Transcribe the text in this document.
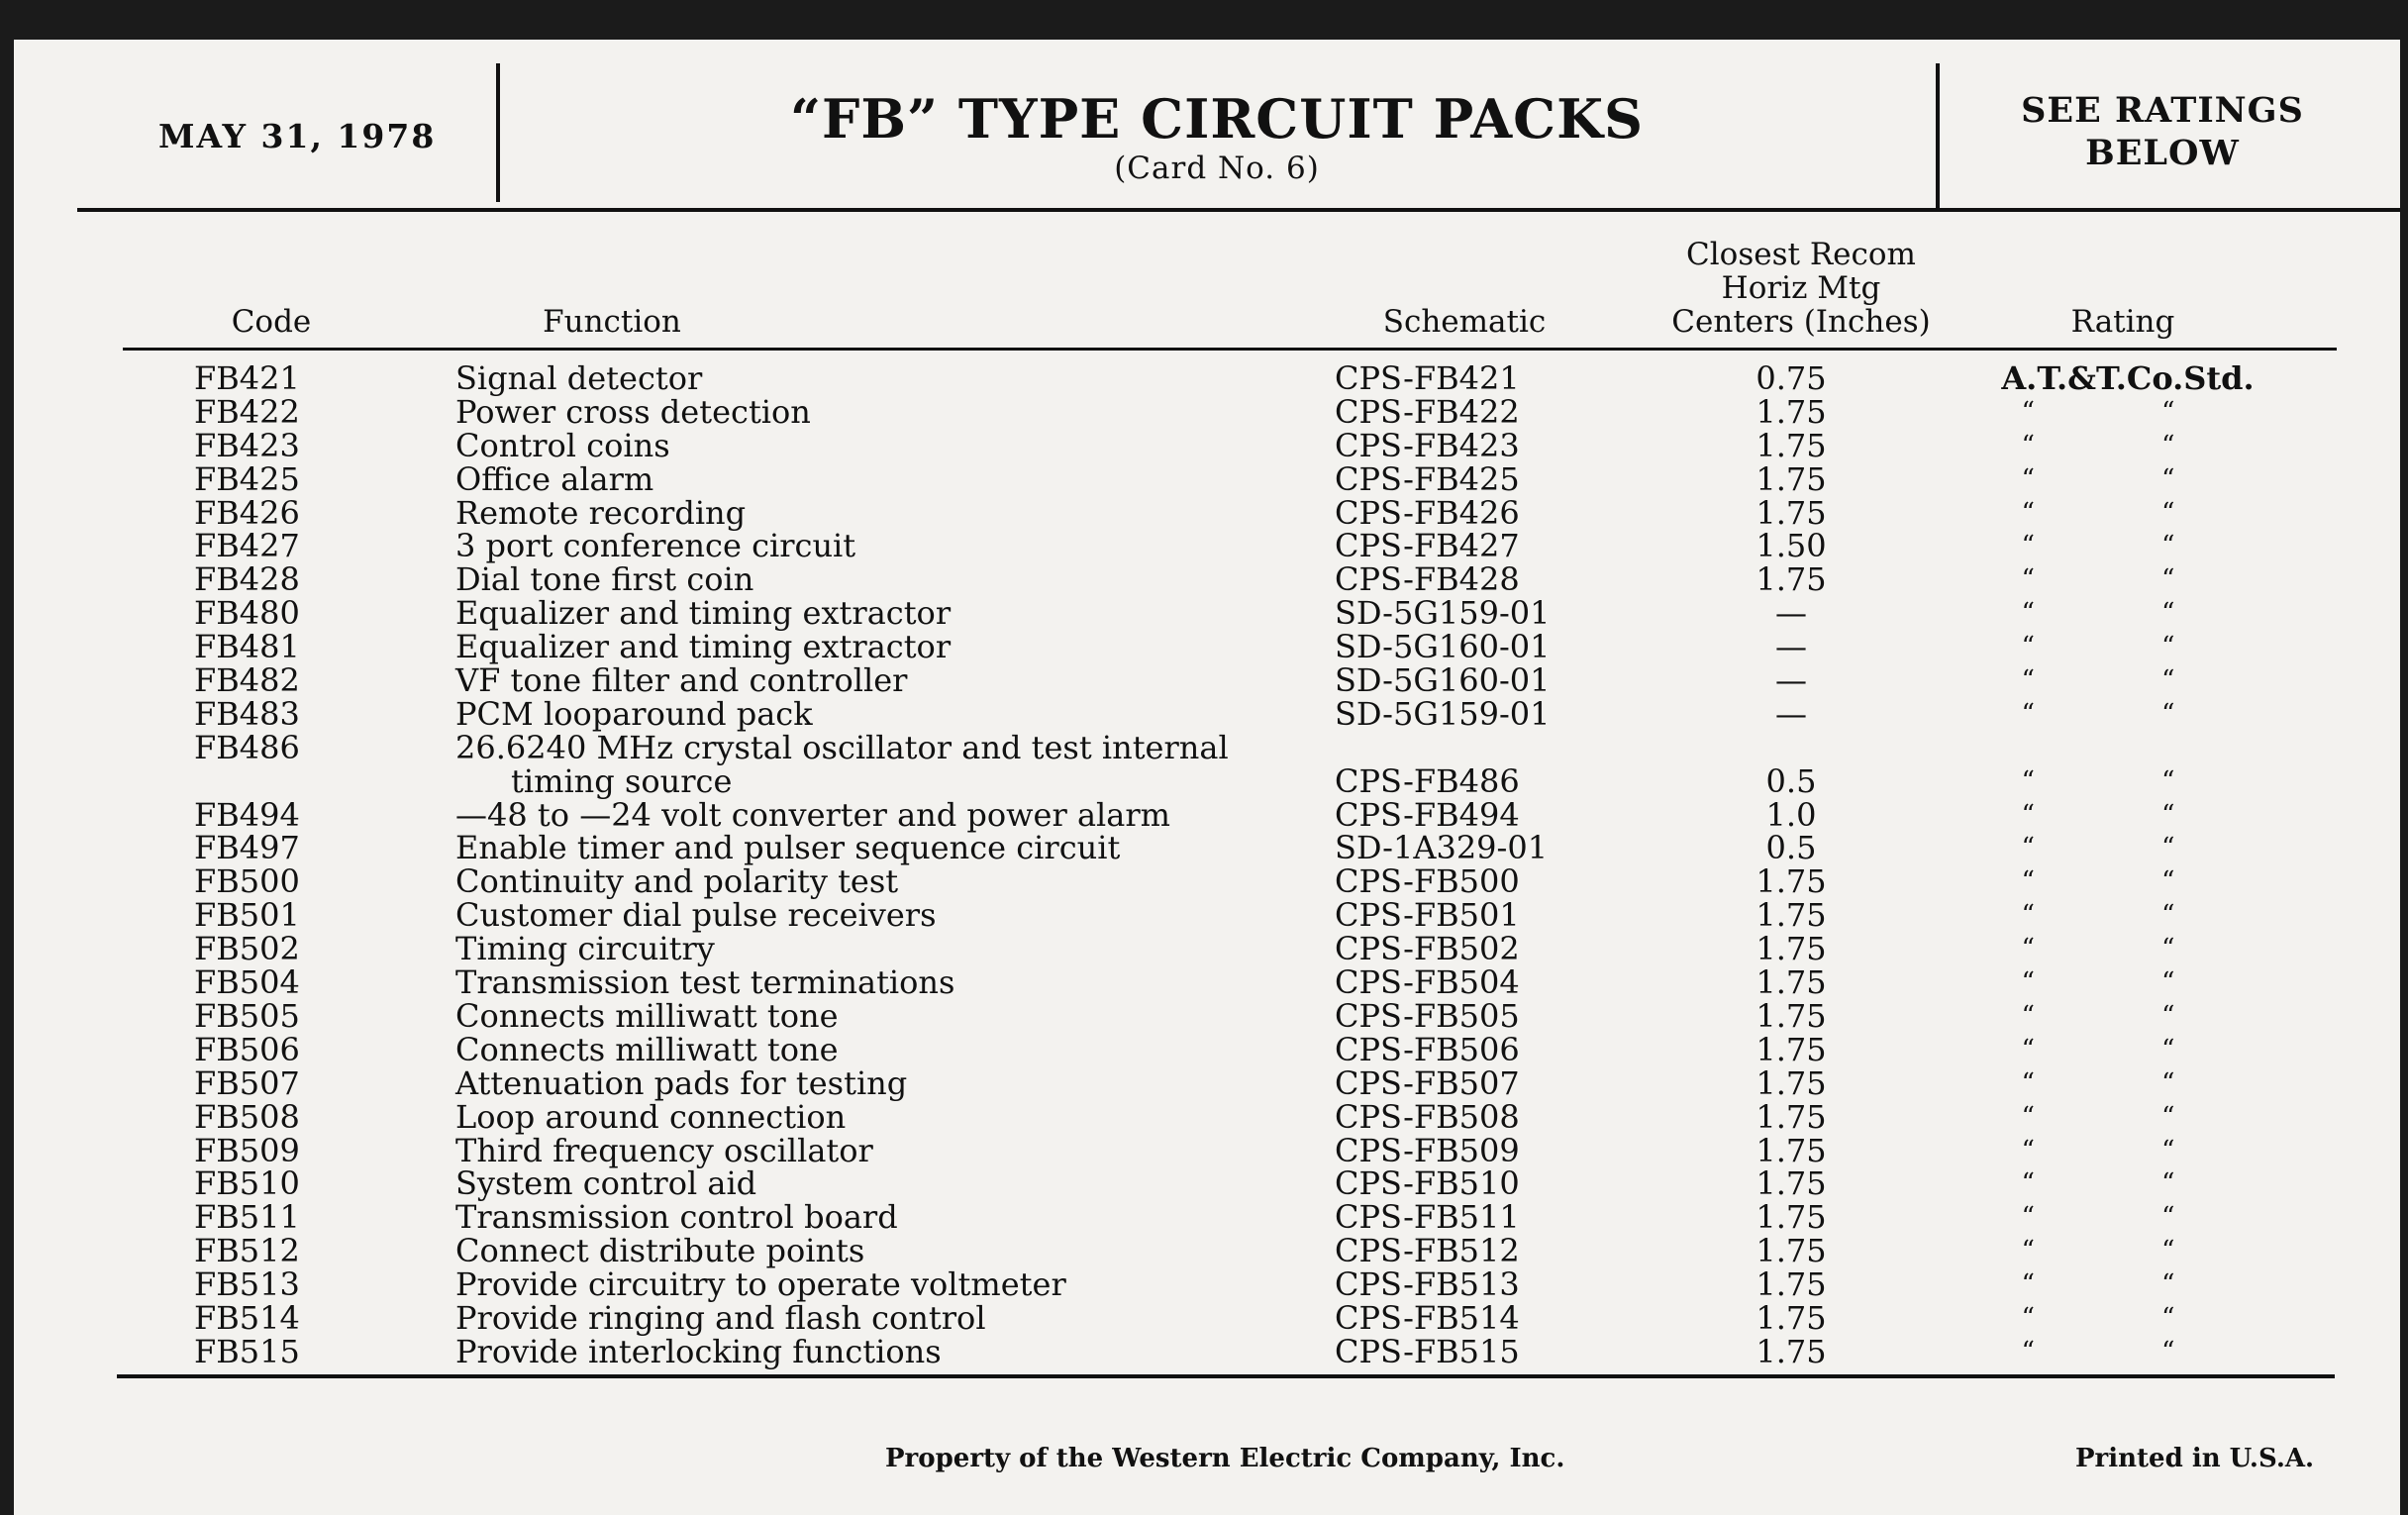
MAY 31, 1978	“FB” TYPE CIRCUIT PACKS
(Card No. 6)
SEE RATINGS
BELOW
Code	Function	Schematic
Closest Recom
Horiz Mtg
Centers (Inches)	Rating
FB421	Signal detector	CPS-FB421	0.75	A.T.&T.Co.Std.
FB422	Power cross detection	CPS-FB422	1.75	“ “
FB423	Control coins	CPS-FB423	1.75	“ “
FB425	Office alarm	CPS-FB425	1.75	“ “
FB426	Remote recording	CPS-FB426	1.75	“ “
FB427	3 port conference circuit	CPS-FB427	1.50	“ “
FB428	Dial tone first coin	CPS-FB428	1.75	“ “
FB480	Equalizer and timing extractor	SD-5G159-01	—	“ “
FB481	Equalizer and timing extractor	SD-5G160-01	—	“ “
FB482	VF tone filter and controller	SD-5G160-01	—	“ “
FB483	PCM looparound pack	SD-5G159-01	—	“ “
FB486	26.6240 MHz crystal oscillator and test internal
timing source	CPS-FB486	0.5	“ “
FB494	—48 to —24 volt converter and power alarm	CPS-FB494	1.0	“ “
FB497	Enable timer and pulser sequence circuit	SD-1A329-01	0.5	“ “
FB500	Continuity and polarity test	CPS-FB500	1.75	“ “
FB501	Customer dial pulse receivers	CPS-FB501	1.75	“ “
FB502	Timing circuitry	CPS-FB502	1.75	“ “
FB504	Transmission test terminations	CPS-FB504	1.75	“ “
FB505	Connects milliwatt tone	CPS-FB505	1.75	“ “
FB506	Connects milliwatt tone	CPS-FB506	1.75	“ “
FB507	Attenuation pads for testing	CPS-FB507	1.75	“ “
FB508	Loop around connection	CPS-FB508	1.75	“ “
FB509	Third frequency oscillator	CPS-FB509	1.75	“ “
FB510	System control aid	CPS-FB510	1.75	“ “
FB511	Transmission control board	CPS-FB511	1.75	“ “
FB512	Connect distribute points	CPS-FB512	1.75	“ “
FB513	Provide circuitry to operate voltmeter	CPS-FB513	1.75	“ “
FB514	Provide ringing and flash control	CPS-FB514	1.75	“ “
FB515	Provide interlocking functions	CPS-FB515	1.75	“ “
Property of the Western Electric Company, Inc.	Printed in U.S.A.
